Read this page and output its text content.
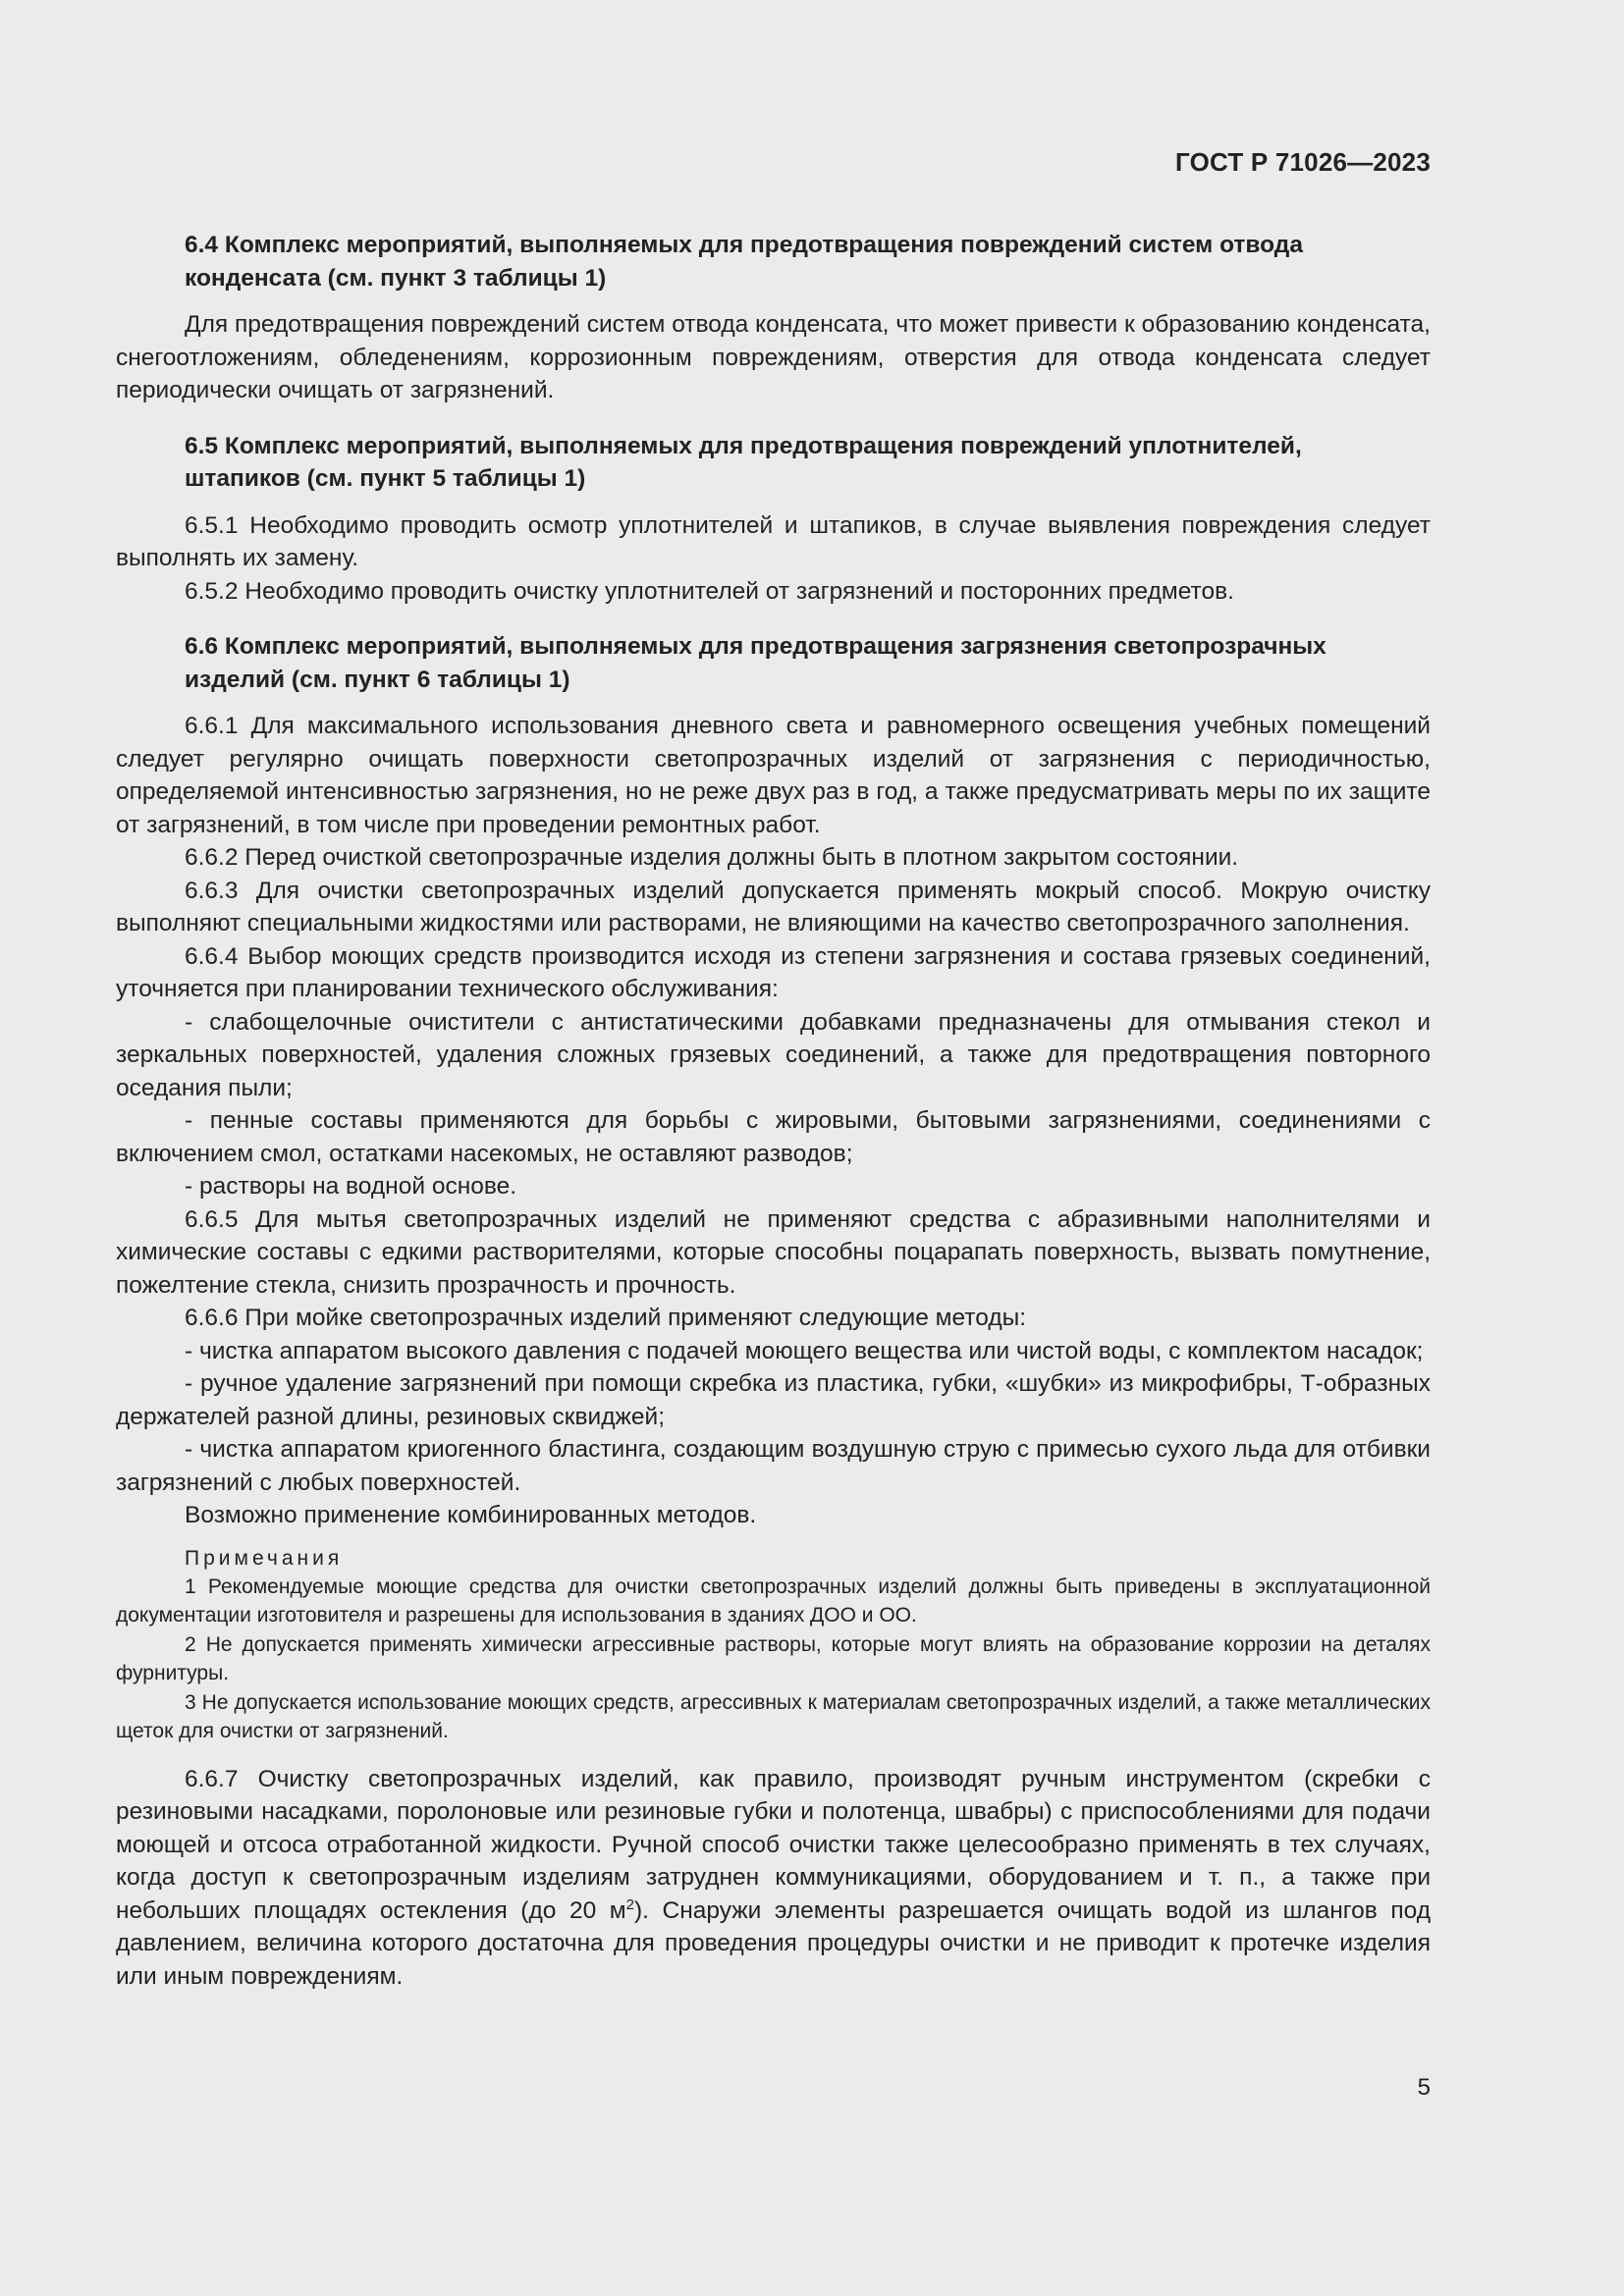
ГОСТ Р 71026—2023
6.4 Комплекс мероприятий, выполняемых для предотвращения повреждений систем отвода конденсата (см. пункт 3 таблицы 1)

Для предотвращения повреждений систем отвода конденсата, что может привести к образованию конденсата, снегоотложениям, обледенениям, коррозионным повреждениям, отверстия для отвода конденсата следует периодически очищать от загрязнений.

6.5 Комплекс мероприятий, выполняемых для предотвращения повреждений уплотнителей, штапиков (см. пункт 5 таблицы 1)

6.5.1 Необходимо проводить осмотр уплотнителей и штапиков, в случае выявления повреждения следует выполнять их замену.

6.5.2 Необходимо проводить очистку уплотнителей от загрязнений и посторонних предметов.

6.6 Комплекс мероприятий, выполняемых для предотвращения загрязнения светопрозрачных изделий (см. пункт 6 таблицы 1)

6.6.1 Для максимального использования дневного света и равномерного освещения учебных помещений следует регулярно очищать поверхности светопрозрачных изделий от загрязнения с периодичностью, определяемой интенсивностью загрязнения, но не реже двух раз в год, а также предусматривать меры по их защите от загрязнений, в том числе при проведении ремонтных работ.

6.6.2 Перед очисткой светопрозрачные изделия должны быть в плотном закрытом состоянии.

6.6.3 Для очистки светопрозрачных изделий допускается применять мокрый способ. Мокрую очистку выполняют специальными жидкостями или растворами, не влияющими на качество светопрозрачного заполнения.

6.6.4 Выбор моющих средств производится исходя из степени загрязнения и состава грязевых соединений, уточняется при планировании технического обслуживания:

- слабощелочные очистители с антистатическими добавками предназначены для отмывания стекол и зеркальных поверхностей, удаления сложных грязевых соединений, а также для предотвращения повторного оседания пыли;

- пенные составы применяются для борьбы с жировыми, бытовыми загрязнениями, соединениями с включением смол, остатками насекомых, не оставляют разводов;

- растворы на водной основе.

6.6.5 Для мытья светопрозрачных изделий не применяют средства с абразивными наполнителями и химические составы с едкими растворителями, которые способны поцарапать поверхность, вызвать помутнение, пожелтение стекла, снизить прозрачность и прочность.

6.6.6 При мойке светопрозрачных изделий применяют следующие методы:

- чистка аппаратом высокого давления с подачей моющего вещества или чистой воды, с комплектом насадок;

- ручное удаление загрязнений при помощи скребка из пластика, губки, «шубки» из микрофибры, Т-образных держателей разной длины, резиновых сквиджей;

- чистка аппаратом криогенного бластинга, создающим воздушную струю с примесью сухого льда для отбивки загрязнений с любых поверхностей.

Возможно применение комбинированных методов.

Примечания

1 Рекомендуемые моющие средства для очистки светопрозрачных изделий должны быть приведены в эксплуатационной документации изготовителя и разрешены для использования в зданиях ДОО и ОО.

2 Не допускается применять химически агрессивные растворы, которые могут влиять на образование коррозии на деталях фурнитуры.

3 Не допускается использование моющих средств, агрессивных к материалам светопрозрачных изделий, а также металлических щеток для очистки от загрязнений.

6.6.7 Очистку светопрозрачных изделий, как правило, производят ручным инструментом (скребки с резиновыми насадками, поролоновые или резиновые губки и полотенца, швабры) с приспособлениями для подачи моющей и отсоса отработанной жидкости. Ручной способ очистки также целесообразно применять в тех случаях, когда доступ к светопрозрачным изделиям затруднен коммуникациями, оборудованием и т. п., а также при небольших площадях остекления (до 20 $м^2$). Снаружи элементы разрешается очищать водой из шлангов под давлением, величина которого достаточна для проведения процедуры очистки и не приводит к протечке изделия или иным повреждениям.

5
